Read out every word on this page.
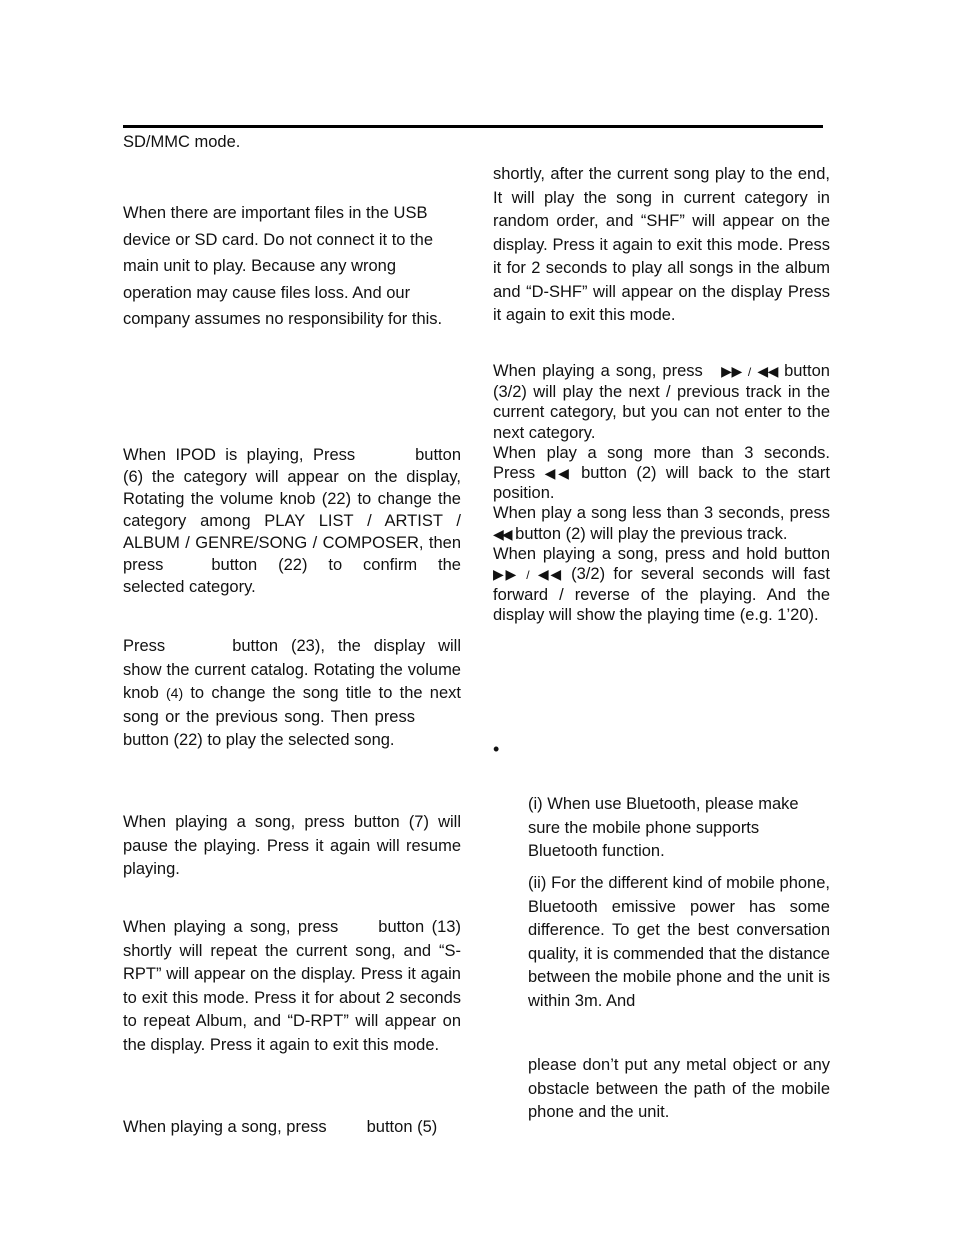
SD/MMC mode.

When there are important files in the USB device or SD card. Do not connect it to the main unit to play. Because any wrong operation may cause files loss. And our company assumes no responsibility for this.

When IPOD is playing, Press	button (6) the category will appear on the display, Rotating the volume knob (22) to change the category among PLAY LIST / ARTIST / ALBUM / GENRE/SONG / COMPOSER, then press	button (22) to confirm the selected category.

Press	button (23), the display will show the current catalog. Rotating the volume knob (4) to change the song title to the next song or the previous song. Then pressbutton (22) to play the selected song.

When playing a song, press button (7) will pause the playing. Press it again will resume playing.

When playing a song, press button (13) shortly will repeat the current song, and “S-RPT” will appear on the display. Press it again to exit this mode. Press it for about 2 seconds to repeat Album, and “D-RPT” will appear on the display. Press it again to exit this mode.

When playing a song, press button (5)

shortly, after the current song play to the end, It will play the song in current category in random order, and “SHF” will appear on the display. Press it again to exit this mode. Press it for 2 seconds to play all songs in the album and “D-SHF” will appear on the display Press it again to exit this mode.

When playing a song, press ▶▶ / ◀◀ button (3/2) will play the next / previous track in the current category, but you can not enter to the next category.
When play a song more than 3 seconds. Press ◀◀ button (2) will back to the start position.
When play a song less than 3 seconds, press ◀◀ button (2) will play the previous track.
When playing a song, press and hold button ▶▶ / ◀◀ (3/2) for several seconds will fast forward / reverse of the playing. And the display will show the playing time (e.g. 1’20).

•

(i) When use Bluetooth, please make sure the mobile phone supports Bluetooth function.

(ii) For the different kind of mobile phone, Bluetooth emissive power has some difference. To get the best conversation quality, it is commended that the distance between the mobile phone and the unit is within 3m. And

please don’t put any metal object or any obstacle between the path of the mobile phone and the unit.
